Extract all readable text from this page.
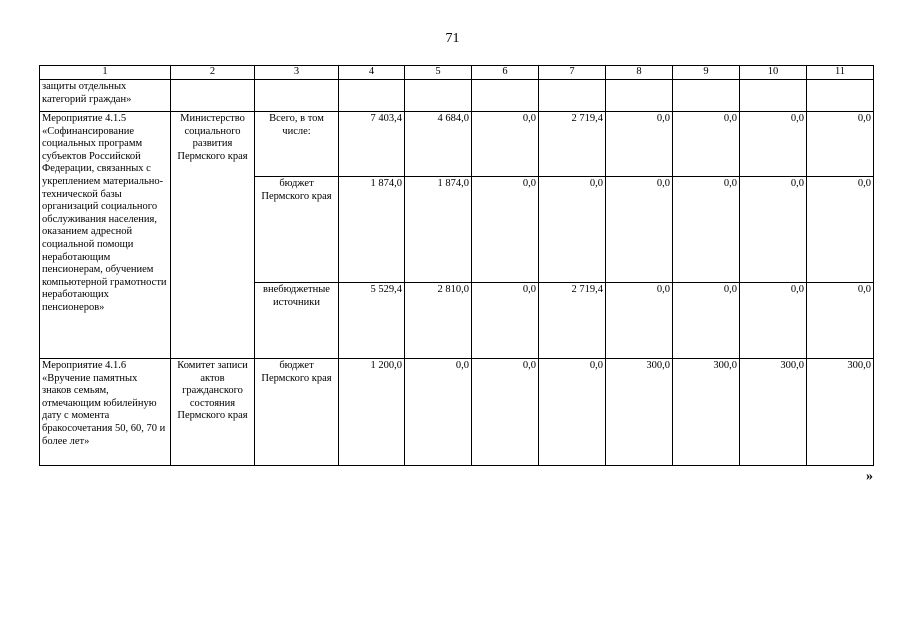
71
1	2	3	4	5	6	7	8	9	10	11
защиты отдельных категорий граждан»										
Мероприятие 4.1.5 «Софинансирование социальных программ субъектов Российской Федерации, связанных с укреплением материально-технической базы организаций социального обслуживания населения, оказанием адресной социальной помощи неработающим пенсионерам, обучением компьютерной грамотности неработающих пенсионеров»	Министерство социального развития Пермского края	Всего, в том числе:	7 403,4	4 684,0	0,0	2 719,4	0,0	0,0	0,0	0,0
		бюджет Пермского края	1 874,0	1 874,0	0,0	0,0	0,0	0,0	0,0	0,0
		внебюджетные источники	5 529,4	2 810,0	0,0	2 719,4	0,0	0,0	0,0	0,0
Мероприятие 4.1.6 «Вручение памятных знаков семьям, отмечающим юбилейную дату с момента бракосочетания 50, 60, 70 и более лет»	Комитет записи актов гражданского состояния Пермского края	бюджет Пермского края	1 200,0	0,0	0,0	0,0	300,0	300,0	300,0	300,0
»
